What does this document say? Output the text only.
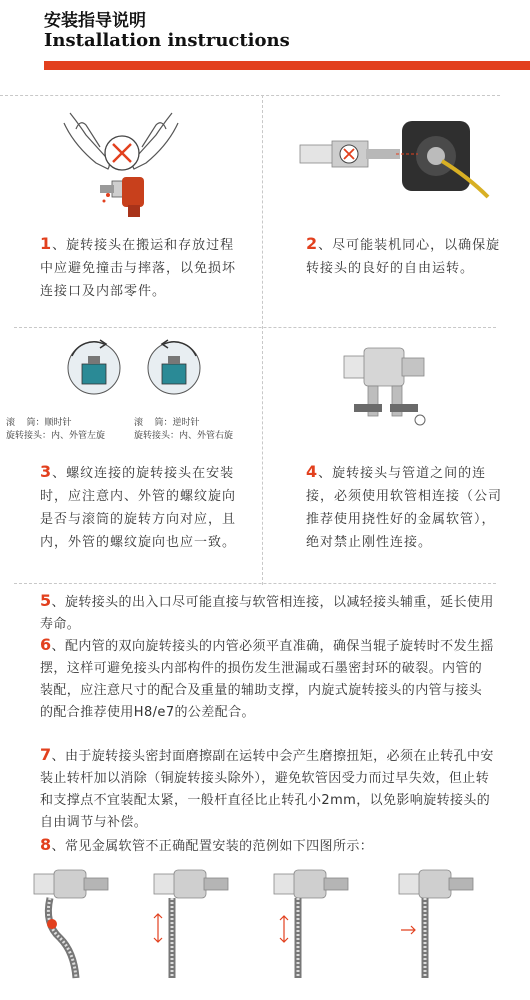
安装指导说明
Installation instructions
1、旋转接头在搬运和存放过程中应避免撞击与摔落，以免损坏连接口及内部零件。
2、尽可能装机同心，以确保旋转接头的良好的自由运转。
滚    筒：顺时针
旋转接头：内、外管左旋
滚    筒：逆时针
旋转接头：内、外管右旋
3、螺纹连接的旋转接头在安装时，应注意内、外管的螺纹旋向是否与滚筒的旋转方向对应，且内，外管的螺纹旋向也应一致。
4、旋转接头与管道之间的连接，必须使用软管相连接（公司推荐使用挠性好的金属软管），绝对禁止刚性连接。
5、旋转接头的出入口尽可能直接与软管相连接，以减轻接头辅重，延长使用寿命。
6、配内管的双向旋转接头的内管必须平直准确，确保当辊子旋转时不发生摇摆，这样可避免接头内部构件的损伤发生泄漏或石墨密封环的破裂。内管的装配，应注意尺寸的配合及重量的辅助支撑，内旋式旋转接头的内管与接头的配合推荐使用H8/e7的公差配合。
7、由于旋转接头密封面磨擦副在运转中会产生磨擦扭矩，必须在止转孔中安装止转杆加以消除（铜旋转接头除外），避免软管因受力而过早失效，但止转和支撑点不宜装配太紧，一般杆直径比止转孔小2mm，以免影响旋转接头的自由调节与补偿。
8、常见金属软管不正确配置安装的范例如下四图所示：
